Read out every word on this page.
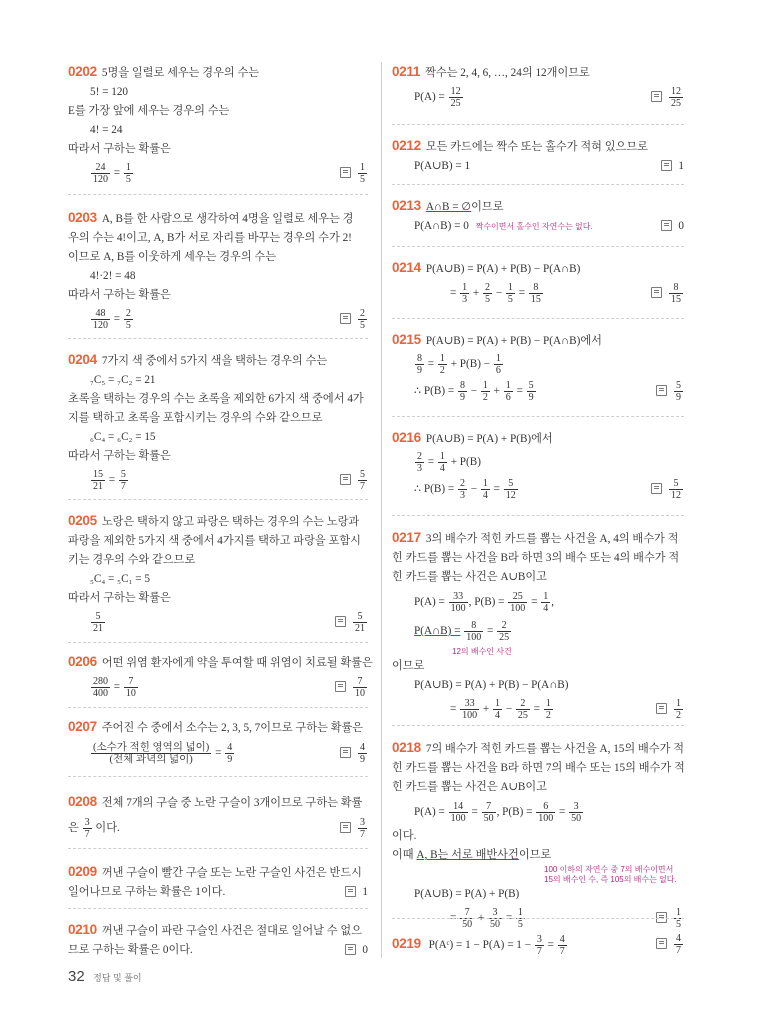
0202 5명을 일렬로 세우는 경우의 수는
5! = 120
E를 가장 앞에 세우는 경우의 수는
4! = 24
따라서 구하는 확률은
$\frac{24}{120} = \frac{1}{5}$	$\frac{1}{5}$
0203 A, B를 한 사람으로 생각하여 4명을 일렬로 세우는 경
우의 수는 4!이고, A, B가 서로 자리를 바꾸는 경우의 수가 2!
이므로 A, B를 이웃하게 세우는 경우의 수는
4!·2! = 48
따라서 구하는 확률은
$\frac{48}{120} = \frac{2}{5}$	$\frac{2}{5}$
0204 7가지 색 중에서 5가지 색을 택하는 경우의 수는
₇C₅ = ₇C₂ = 21
초록을 택하는 경우의 수는 초록을 제외한 6가지 색 중에서 4가
지를 택하고 초록을 포함시키는 경우의 수와 같으므로
₆C₄ = ₆C₂ = 15
따라서 구하는 확률은
$\frac{15}{21} = \frac{5}{7}$	$\frac{5}{7}$
0205 노랑은 택하지 않고 파랑은 택하는 경우의 수는 노랑과
파랑을 제외한 5가지 색 중에서 4가지를 택하고 파랑을 포함시
키는 경우의 수와 같으므로
₅C₄ = ₅C₁ = 5
따라서 구하는 확률은
$\frac{5}{21}$	$\frac{5}{21}$
0206 어떤 위염 환자에게 약을 투여할 때 위염이 치료될 확률은
$\frac{280}{400} = \frac{7}{10}$	$\frac{7}{10}$
0207 주어진 수 중에서 소수는 2, 3, 5, 7이므로 구하는 확률은
$\frac{\text{(소수가 적힌 영역의 넓이)}}{\text{(전체 과녁의 넓이)}} = \frac{4}{9}$	$\frac{4}{9}$
0208 전체 7개의 구슬 중 노란 구슬이 3개이므로 구하는 확률
은 $\frac{3}{7}$ 이다.	$\frac{3}{7}$
0209 꺼낸 구슬이 빨간 구슬 또는 노란 구슬인 사건은 반드시
일어나므로 구하는 확률은 1이다.	1
0210 꺼낸 구슬이 파란 구슬인 사건은 절대로 일어날 수 없으
므로 구하는 확률은 0이다.	0
0211 짝수는 2, 4, 6, …, 24의 12개이므로
$P(A) = \frac{12}{25}$	$\frac{12}{25}$
0212 모든 카드에는 짝수 또는 홀수가 적혀 있으므로
P(A∪B) = 1	1
0213 A∩B = ∅이므로
P(A∩B) = 0 짝수이면서 홀수인 자연수는 없다.	0
0214 P(A∪B) = P(A) + P(B) − P(A∩B)
= $\frac{1}{3} + \frac{2}{5} - \frac{1}{5} = \frac{8}{15}$	$\frac{8}{15}$
0215 P(A∪B) = P(A) + P(B) − P(A∩B)에서
$\frac{8}{9} = \frac{1}{2} + P(B) - \frac{1}{6}$
∴ $P(B) = \frac{8}{9} - \frac{1}{2} + \frac{1}{6} = \frac{5}{9}$	$\frac{5}{9}$
0216 P(A∪B) = P(A) + P(B)에서
$\frac{2}{3} = \frac{1}{4} + P(B)$
∴ $P(B) = \frac{2}{3} - \frac{1}{4} = \frac{5}{12}$	$\frac{5}{12}$
0217 3의 배수가 적힌 카드를 뽑는 사건을 A, 4의 배수가 적
힌 카드를 뽑는 사건을 B라 하면 3의 배수 또는 4의 배수가 적
힌 카드를 뽑는 사건은 A∪B이고
$P(A) = \frac{33}{100}$ , $P(B) = \frac{25}{100} = \frac{1}{4}$ ,
P(A∩B) = $\frac{8}{100} = \frac{2}{25}$
12의 배수인 사건
이므로
P(A∪B) = P(A) + P(B) − P(A∩B)
= $\frac{33}{100} + \frac{1}{4} - \frac{2}{25} = \frac{1}{2}$	$\frac{1}{2}$
0218 7의 배수가 적힌 카드를 뽑는 사건을 A, 15의 배수가 적
힌 카드를 뽑는 사건을 B라 하면 7의 배수 또는 15의 배수가 적
힌 카드를 뽑는 사건은 A∪B이고
$P(A) = \frac{14}{100} = \frac{7}{50}$ , $P(B) = \frac{6}{100} = \frac{3}{50}$
이다.
이때 A, B는 서로 배반사건이므로
100 이하의 자연수 중 7의 배수이면서
15의 배수인 수, 즉 105의 배수는 없다.
P(A∪B) = P(A) + P(B)
= $\frac{7}{50} + \frac{3}{50} = \frac{1}{5}$	$\frac{1}{5}$
0219 P(Aᶜ) = $1 - P(A) = 1 - \frac{3}{7} = \frac{4}{7}$	$\frac{4}{7}$
32 정답 및 풀이
